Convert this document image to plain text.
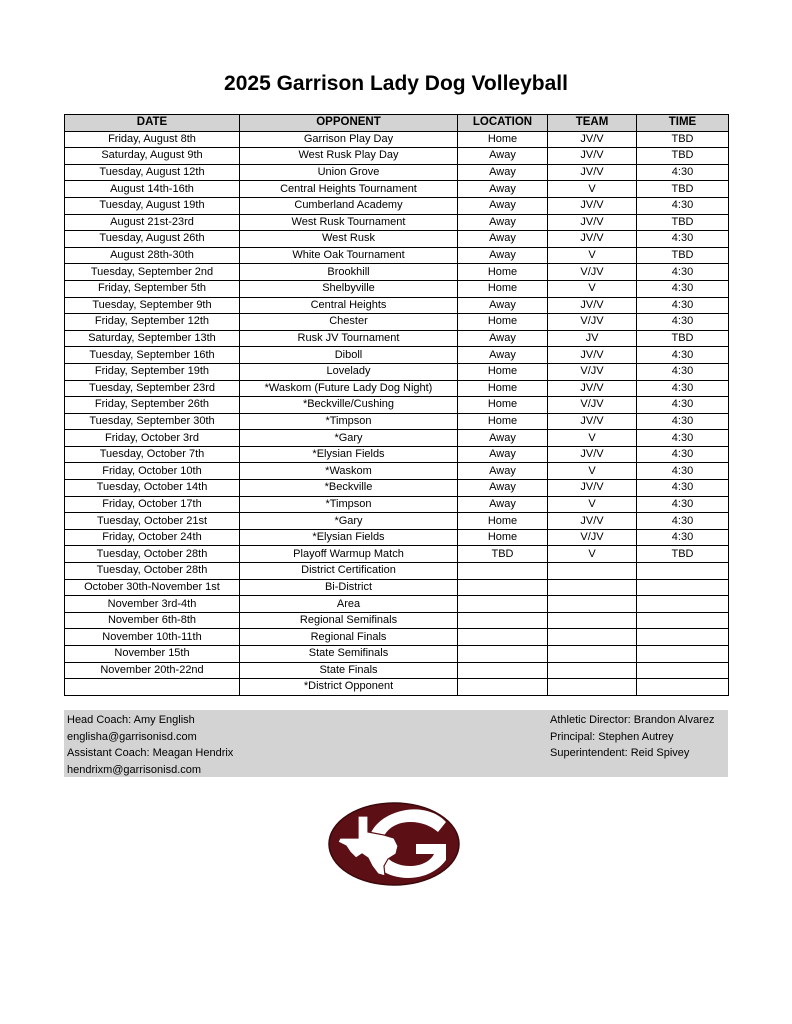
2025 Garrison Lady Dog Volleyball
DATE	OPPONENT	LOCATION	TEAM	TIME
Friday, August 8th	Garrison Play Day	Home	JV/V	TBD
Saturday, August 9th	West Rusk Play Day	Away	JV/V	TBD
Tuesday, August 12th	Union Grove	Away	JV/V	4:30
August 14th-16th	Central Heights Tournament	Away	V	TBD
Tuesday, August 19th	Cumberland Academy	Away	JV/V	4:30
August 21st-23rd	West Rusk Tournament	Away	JV/V	TBD
Tuesday, August 26th	West Rusk	Away	JV/V	4:30
August 28th-30th	White Oak Tournament	Away	V	TBD
Tuesday, September 2nd	Brookhill	Home	V/JV	4:30
Friday, September 5th	Shelbyville	Home	V	4:30
Tuesday, September 9th	Central Heights	Away	JV/V	4:30
Friday, September 12th	Chester	Home	V/JV	4:30
Saturday, September 13th	Rusk JV Tournament	Away	JV	TBD
Tuesday, September 16th	Diboll	Away	JV/V	4:30
Friday, September 19th	Lovelady	Home	V/JV	4:30
Tuesday, September 23rd	*Waskom (Future Lady Dog Night)	Home	JV/V	4:30
Friday, September 26th	*Beckville/Cushing	Home	V/JV	4:30
Tuesday, September 30th	*Timpson	Home	JV/V	4:30
Friday, October 3rd	*Gary	Away	V	4:30
Tuesday, October 7th	*Elysian Fields	Away	JV/V	4:30
Friday, October 10th	*Waskom	Away	V	4:30
Tuesday, October 14th	*Beckville	Away	JV/V	4:30
Friday, October 17th	*Timpson	Away	V	4:30
Tuesday, October 21st	*Gary	Home	JV/V	4:30
Friday, October 24th	*Elysian Fields	Home	V/JV	4:30
Tuesday, October 28th	Playoff Warmup Match	TBD	V	TBD
Tuesday, October 28th	District Certification			
October 30th-November 1st	Bi-District			
November 3rd-4th	Area			
November 6th-8th	Regional Semifinals			
November 10th-11th	Regional Finals			
November 15th	State Semifinals			
November 20th-22nd	State Finals			
	*District Opponent			
Head Coach: Amy English
englisha@garrisonisd.com
Assistant Coach: Meagan Hendrix
hendrixm@garrisonisd.com
Athletic Director: Brandon Alvarez
Principal: Stephen Autrey
Superintendent: Reid Spivey
